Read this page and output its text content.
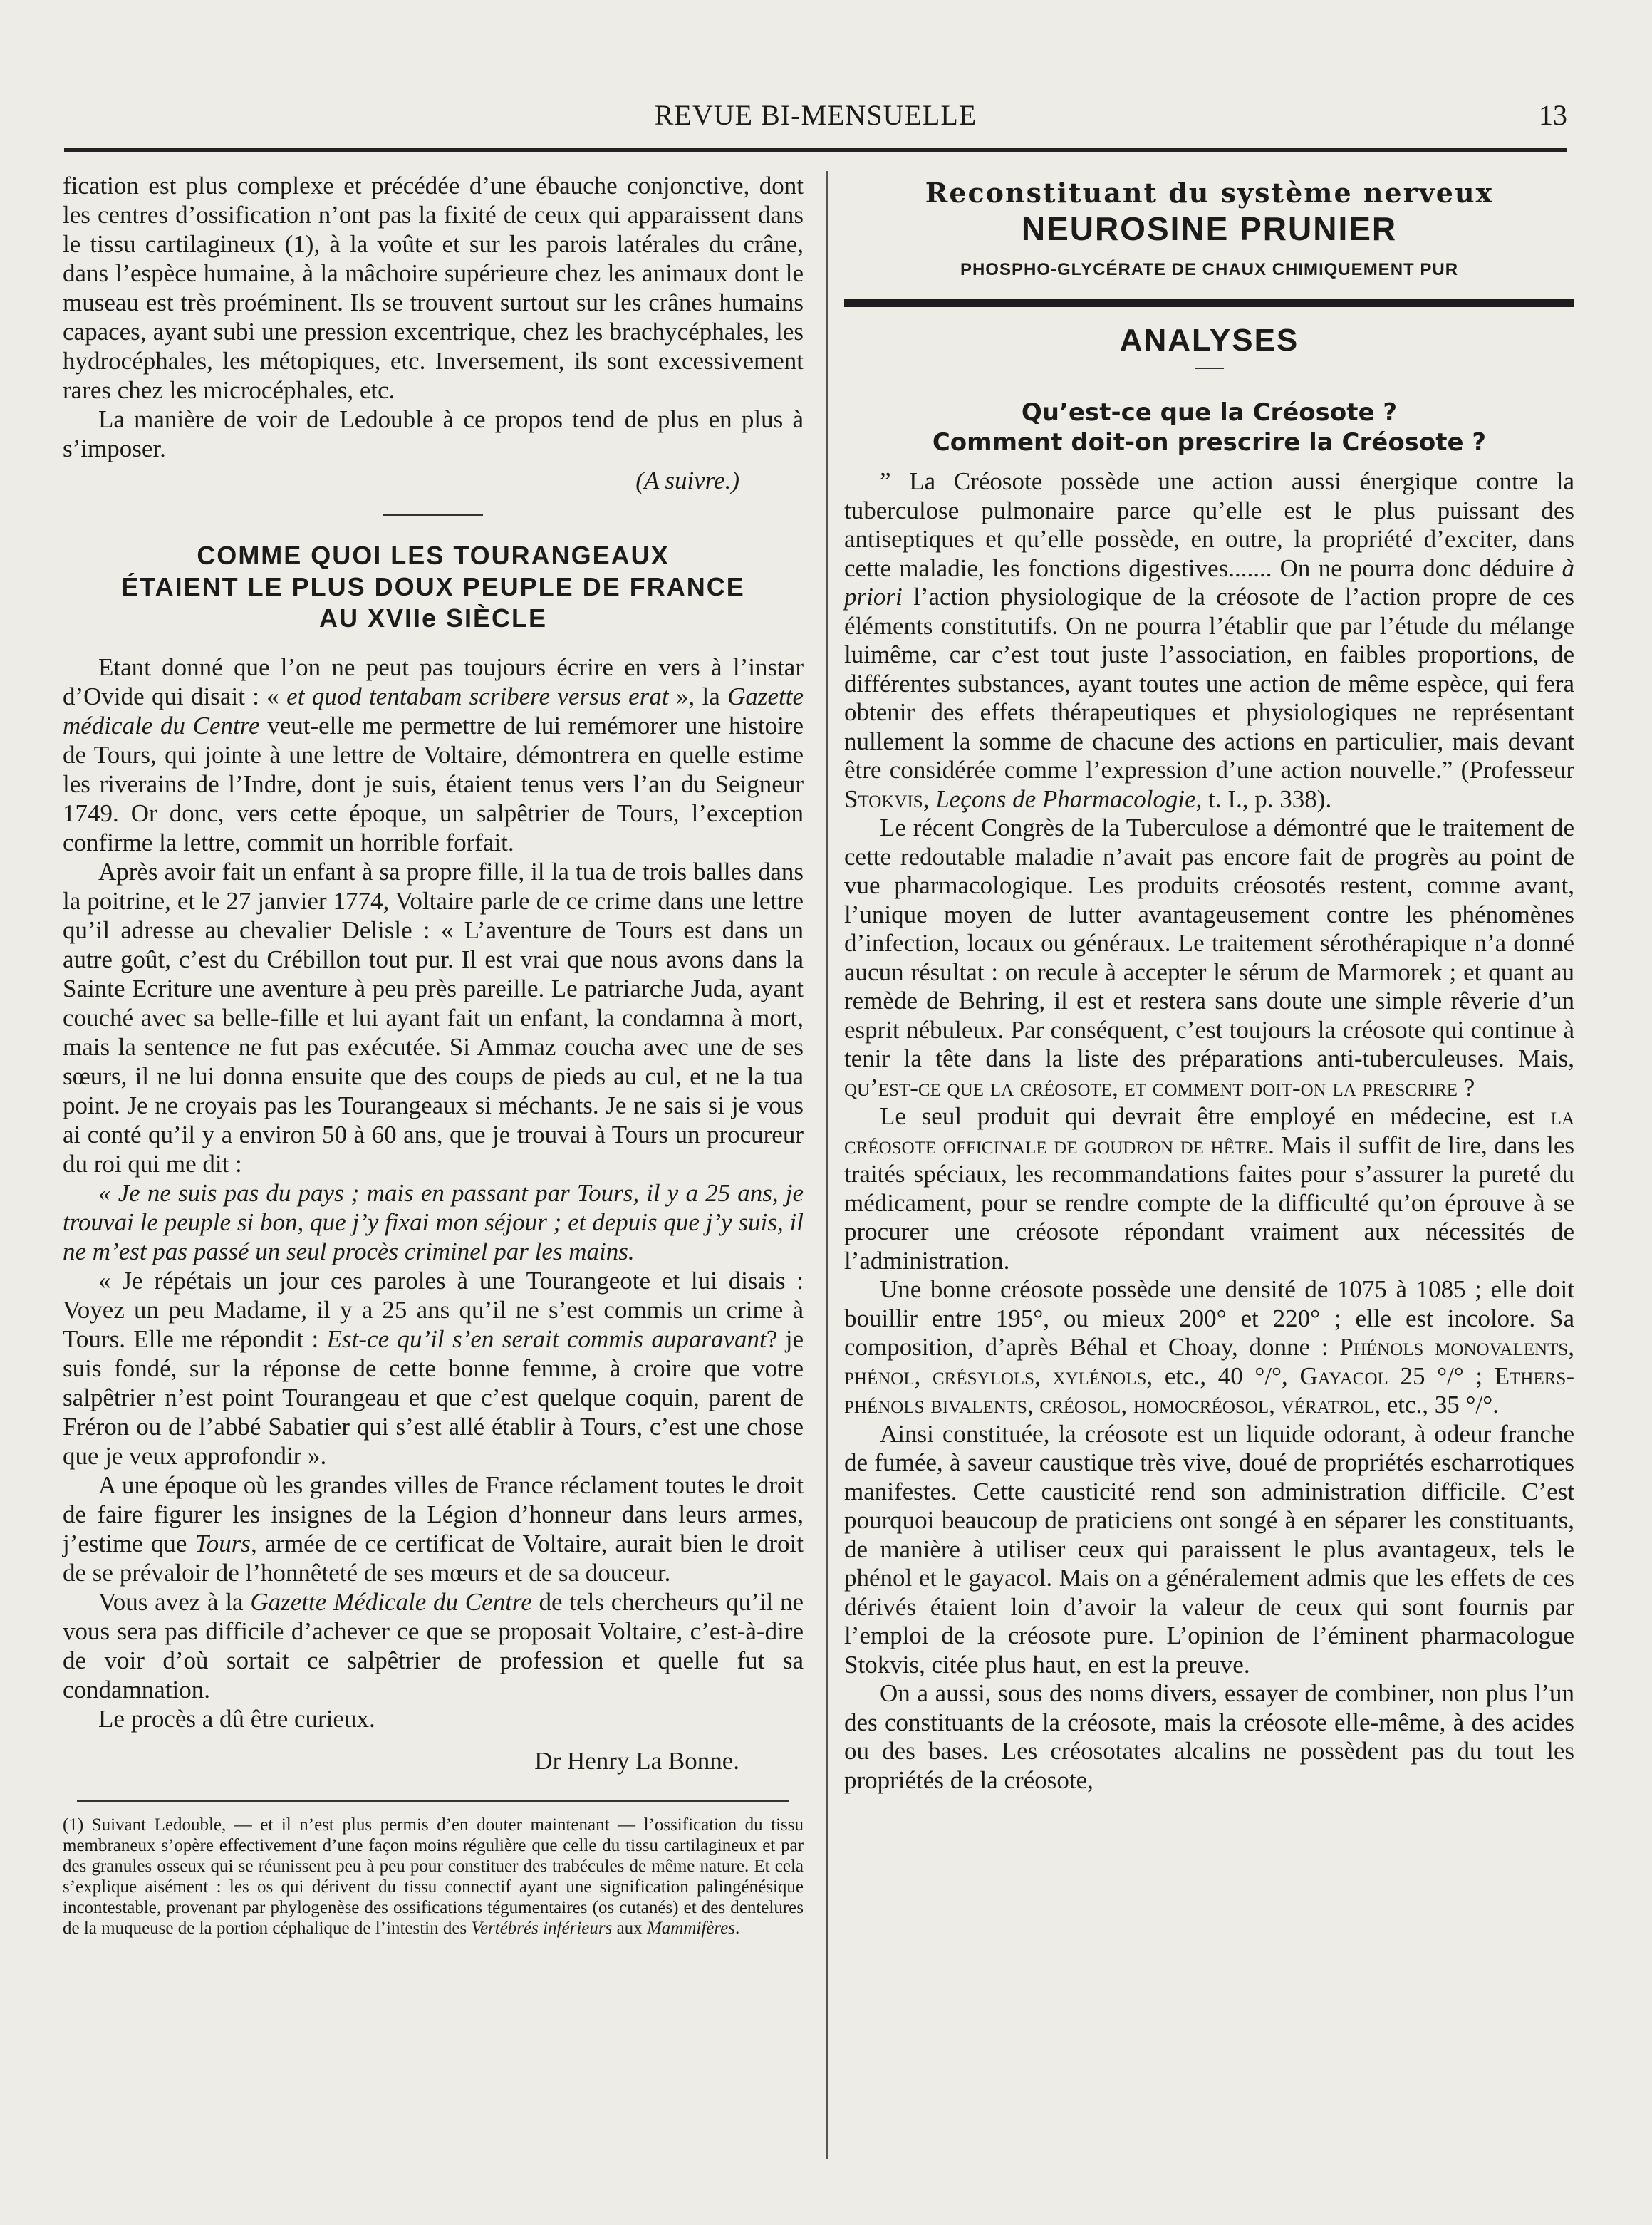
REVUE BI-MENSUELLE	13

fication est plus complexe et précédée d’une ébauche conjonctive, dont les centres d’ossification n’ont pas la fixité de ceux qui apparaissent dans le tissu cartilagineux (1), à la voûte et sur les parois latérales du crâne, dans l’espèce humaine, à la mâchoire supérieure chez les animaux dont le museau est très proéminent. Ils se trouvent surtout sur les crânes humains capaces, ayant subi une pression excentrique, chez les brachycéphales, les hydrocéphales, les métopiques, etc. Inversement, ils sont excessivement rares chez les microcéphales, etc.

La manière de voir de Ledouble à ce propos tend de plus en plus à s’imposer.

(A suivre.)

COMME QUOI LES TOURANGEAUX
ÉTAIENT LE PLUS DOUX PEUPLE DE FRANCE
AU XVIIe SIÈCLE

Etant donné que l’on ne peut pas toujours écrire en vers à l’instar d’Ovide qui disait : « et quod tentabam scribere versus erat », la Gazette médicale du Centre veut-elle me permettre de lui remémorer une histoire de Tours, qui jointe à une lettre de Voltaire, démontrera en quelle estime les riverains de l’Indre, dont je suis, étaient tenus vers l’an du Seigneur 1749. Or donc, vers cette époque, un salpêtrier de Tours, l’exception confirme la lettre, commit un horrible forfait.

Après avoir fait un enfant à sa propre fille, il la tua de trois balles dans la poitrine, et le 27 janvier 1774, Voltaire parle de ce crime dans une lettre qu’il adresse au chevalier Delisle : « L’aventure de Tours est dans un autre goût, c’est du Crébillon tout pur. Il est vrai que nous avons dans la Sainte Ecriture une aventure à peu près pareille. Le patriarche Juda, ayant couché avec sa belle-fille et lui ayant fait un enfant, la condamna à mort, mais la sentence ne fut pas exécutée. Si Ammaz coucha avec une de ses sœurs, il ne lui donna ensuite que des coups de pieds au cul, et ne la tua point. Je ne croyais pas les Tourangeaux si méchants. Je ne sais si je vous ai conté qu’il y a environ 50 à 60 ans, que je trouvai à Tours un procureur du roi qui me dit :

« Je ne suis pas du pays ; mais en passant par Tours, il y a 25 ans, je trouvai le peuple si bon, que j’y fixai mon séjour ; et depuis que j’y suis, il ne m’est pas passé un seul procès criminel par les mains.

« Je répétais un jour ces paroles à une Tourangeote et lui disais : Voyez un peu Madame, il y a 25 ans qu’il ne s’est commis un crime à Tours. Elle me répondit : Est-ce qu’il s’en serait commis auparavant? je suis fondé, sur la réponse de cette bonne femme, à croire que votre salpêtrier n’est point Tourangeau et que c’est quelque coquin, parent de Fréron ou de l’abbé Sabatier qui s’est allé établir à Tours, c’est une chose que je veux approfondir ».

A une époque où les grandes villes de France réclament toutes le droit de faire figurer les insignes de la Légion d’honneur dans leurs armes, j’estime que Tours, armée de ce certificat de Voltaire, aurait bien le droit de se prévaloir de l’honnêteté de ses mœurs et de sa douceur.

Vous avez à la Gazette Médicale du Centre de tels chercheurs qu’il ne vous sera pas difficile d’achever ce que se proposait Voltaire, c’est-à-dire de voir d’où sortait ce salpêtrier de profession et quelle fut sa condamnation.

Le procès a dû être curieux.

Dr Henry La Bonne.

(1) Suivant Ledouble, — et il n’est plus permis d’en douter maintenant — l’ossification du tissu membraneux s’opère effectivement d’une façon moins régulière que celle du tissu cartilagineux et par des granules osseux qui se réunissent peu à peu pour constituer des trabécules de même nature. Et cela s’explique aisément : les os qui dérivent du tissu connectif ayant une signification palingénésique incontestable, provenant par phylogenèse des ossifications tégumentaires (os cutanés) et des dentelures de la muqueuse de la portion céphalique de l’intestin des Vertébrés inférieurs aux Mammifères.

Reconstituant du système nerveux
NEUROSINE PRUNIER
PHOSPHO-GLYCÉRATE DE CHAUX CHIMIQUEMENT PUR
ANALYSES
Qu’est-ce que la Créosote ?
Comment doit-on prescrire la Créosote ?

” La Créosote possède une action aussi énergique contre la tuberculose pulmonaire parce qu’elle est le plus puissant des antiseptiques et qu’elle possède, en outre, la propriété d’exciter, dans cette maladie, les fonctions digestives....... On ne pourra donc déduire à priori l’action physiologique de la créosote de l’action propre de ces éléments constitutifs. On ne pourra l’établir que par l’étude du mélange luimême, car c’est tout juste l’association, en faibles proportions, de différentes substances, ayant toutes une action de même espèce, qui fera obtenir des effets thérapeutiques et physiologiques ne représentant nullement la somme de chacune des actions en particulier, mais devant être considérée comme l’expression d’une action nouvelle.” (Professeur Stokvis, Leçons de Pharmacologie, t. I., p. 338).

Le récent Congrès de la Tuberculose a démontré que le traitement de cette redoutable maladie n’avait pas encore fait de progrès au point de vue pharmacologique. Les produits créosotés restent, comme avant, l’unique moyen de lutter avantageusement contre les phénomènes d’infection, locaux ou généraux. Le traitement sérothérapique n’a donné aucun résultat : on recule à accepter le sérum de Marmorek ; et quant au remède de Behring, il est et restera sans doute une simple rêverie d’un esprit nébuleux. Par conséquent, c’est toujours la créosote qui continue à tenir la tête dans la liste des préparations anti-tuberculeuses. Mais, qu’est-ce que la créosote, et comment doit-on la prescrire ?

Le seul produit qui devrait être employé en médecine, est la créosote officinale de goudron de hêtre. Mais il suffit de lire, dans les traités spéciaux, les recommandations faites pour s’assurer la pureté du médicament, pour se rendre compte de la difficulté qu’on éprouve à se procurer une créosote répondant vraiment aux nécessités de l’administration.

Une bonne créosote possède une densité de 1075 à 1085 ; elle doit bouillir entre 195°, ou mieux 200° et 220° ; elle est incolore. Sa composition, d’après Béhal et Choay, donne : Phénols monovalents, phénol, crésylols, xylénols, etc., 40 °/°, Gayacol 25 °/° ; Ethers-phénols bivalents, créosol, homocréosol, vératrol, etc., 35 °/°.

Ainsi constituée, la créosote est un liquide odorant, à odeur franche de fumée, à saveur caustique très vive, doué de propriétés escharrotiques manifestes. Cette causticité rend son administration difficile. C’est pourquoi beaucoup de praticiens ont songé à en séparer les constituants, de manière à utiliser ceux qui paraissent le plus avantageux, tels le phénol et le gayacol. Mais on a généralement admis que les effets de ces dérivés étaient loin d’avoir la valeur de ceux qui sont fournis par l’emploi de la créosote pure. L’opinion de l’éminent pharmacologue Stokvis, citée plus haut, en est la preuve.

On a aussi, sous des noms divers, essayer de combiner, non plus l’un des constituants de la créosote, mais la créosote elle-même, à des acides ou des bases. Les créosotates alcalins ne possèdent pas du tout les propriétés de la créosote,
